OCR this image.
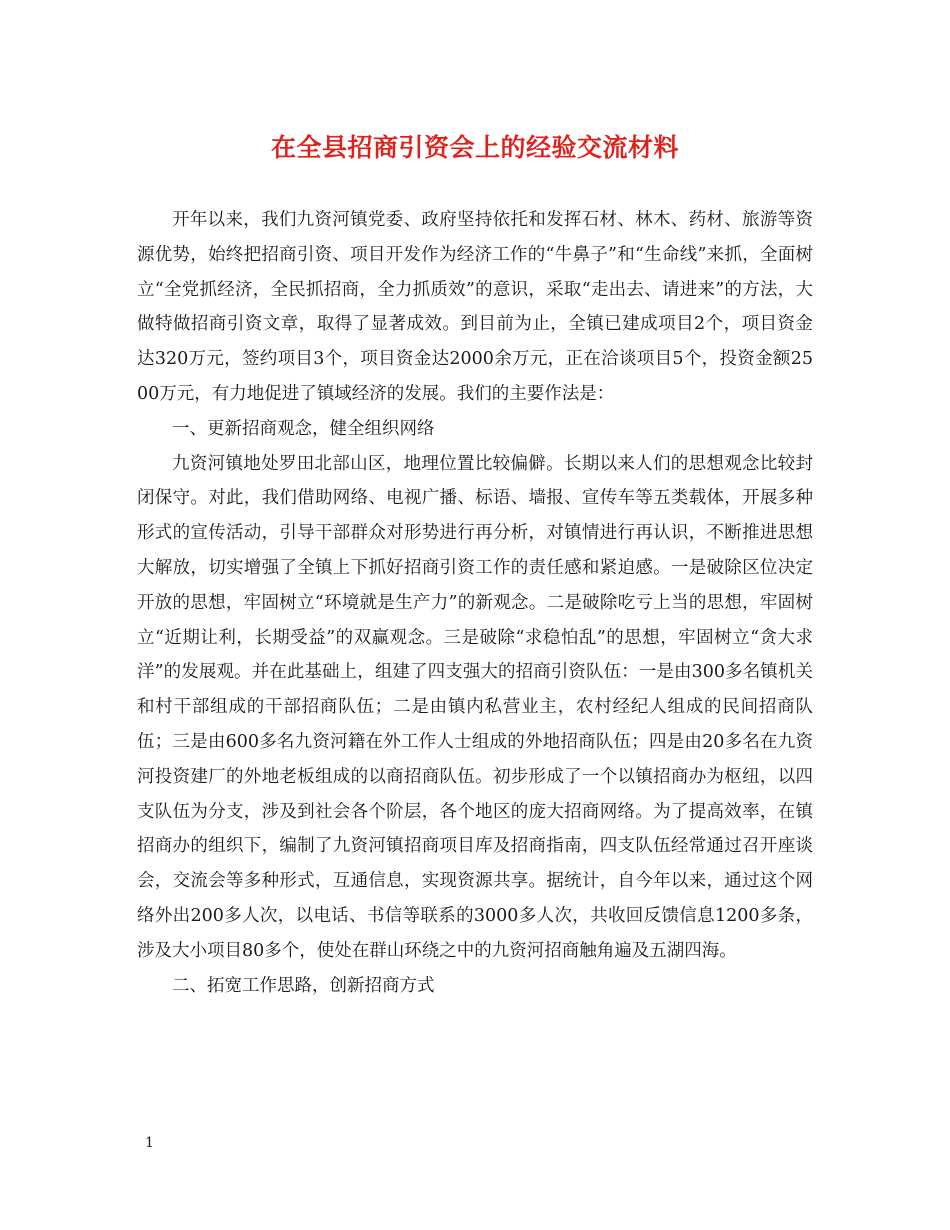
在全县招商引资会上的经验交流材料

开年以来，我们九资河镇党委、政府坚持依托和发挥石材、林木、药材、旅游等资源优势，始终把招商引资、项目开发作为经济工作的“牛鼻子”和“生命线”来抓，全面树立“全党抓经济，全民抓招商，全力抓质效”的意识，采取“走出去、请进来”的方法，大做特做招商引资文章，取得了显著成效。到目前为止，全镇已建成项目2个，项目资金达320万元，签约项目3个，项目资金达2000余万元，正在洽谈项目5个，投资金额2500万元，有力地促进了镇域经济的发展。我们的主要作法是：

一、更新招商观念，健全组织网络

九资河镇地处罗田北部山区，地理位置比较偏僻。长期以来人们的思想观念比较封闭保守。对此，我们借助网络、电视广播、标语、墙报、宣传车等五类载体，开展多种形式的宣传活动，引导干部群众对形势进行再分析，对镇情进行再认识，不断推进思想大解放，切实增强了全镇上下抓好招商引资工作的责任感和紧迫感。一是破除区位决定开放的思想，牢固树立“环境就是生产力”的新观念。二是破除吃亏上当的思想，牢固树立“近期让利，长期受益”的双赢观念。三是破除“求稳怕乱”的思想，牢固树立“贪大求洋”的发展观。并在此基础上，组建了四支强大的招商引资队伍：一是由300多名镇机关和村干部组成的干部招商队伍；二是由镇内私营业主，农村经纪人组成的民间招商队伍；三是由600多名九资河籍在外工作人士组成的外地招商队伍；四是由20多名在九资河投资建厂的外地老板组成的以商招商队伍。初步形成了一个以镇招商办为枢纽，以四支队伍为分支，涉及到社会各个阶层，各个地区的庞大招商网络。为了提高效率，在镇招商办的组织下，编制了九资河镇招商项目库及招商指南，四支队伍经常通过召开座谈会，交流会等多种形式，互通信息，实现资源共享。据统计，自今年以来，通过这个网络外出200多人次，以电话、书信等联系的3000多人次，共收回反馈信息1200多条，涉及大小项目80多个，使处在群山环绕之中的九资河招商触角遍及五湖四海。

二、拓宽工作思路，创新招商方式

1
